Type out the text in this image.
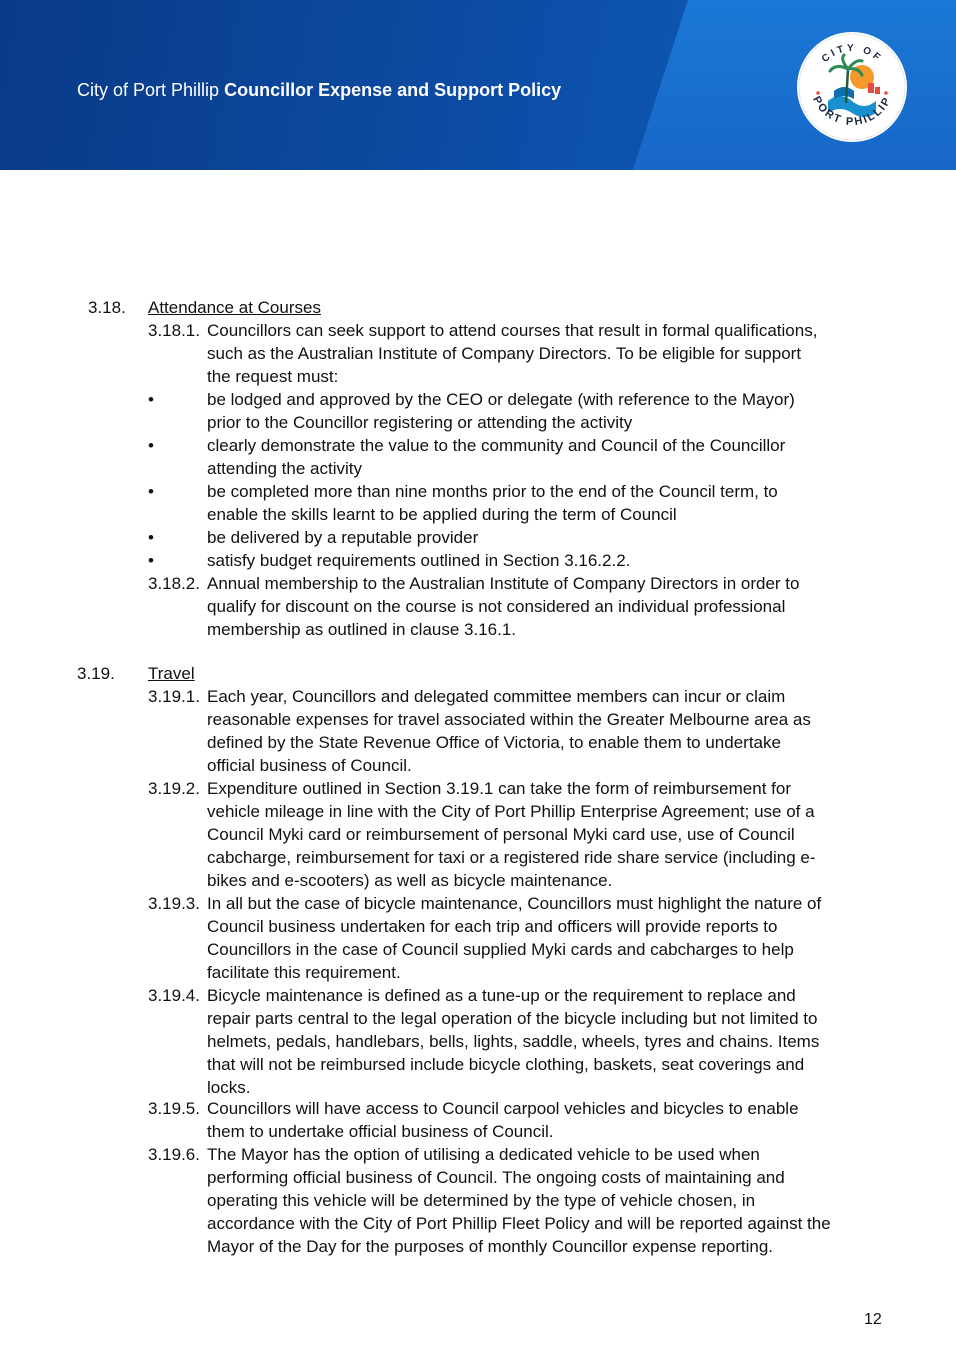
City of Port Phillip Councillor Expense and Support Policy
CITY OF
PORT PHILLIP
3.18. Attendance at Courses
3.18.1. Councillors can seek support to attend courses that result in formal qualifications,
such as the Australian Institute of Company Directors. To be eligible for support
the request must:
•	be lodged and approved by the CEO or delegate (with reference to the Mayor)
prior to the Councillor registering or attending the activity
•	clearly demonstrate the value to the community and Council of the Councillor
attending the activity
•	be completed more than nine months prior to the end of the Council term, to
enable the skills learnt to be applied during the term of Council
•	be delivered by a reputable provider
•	satisfy budget requirements outlined in Section 3.16.2.2.
3.18.2. Annual membership to the Australian Institute of Company Directors in order to
qualify for discount on the course is not considered an individual professional
membership as outlined in clause 3.16.1.
3.19. Travel
3.19.1. Each year, Councillors and delegated committee members can incur or claim
reasonable expenses for travel associated within the Greater Melbourne area as
defined by the State Revenue Office of Victoria, to enable them to undertake
official business of Council.
3.19.2. Expenditure outlined in Section 3.19.1 can take the form of reimbursement for
vehicle mileage in line with the City of Port Phillip Enterprise Agreement; use of a
Council Myki card or reimbursement of personal Myki card use, use of Council
cabcharge, reimbursement for taxi or a registered ride share service (including e-
bikes and e-scooters) as well as bicycle maintenance.
3.19.3. In all but the case of bicycle maintenance, Councillors must highlight the nature of
Council business undertaken for each trip and officers will provide reports to
Councillors in the case of Council supplied Myki cards and cabcharges to help
facilitate this requirement.
3.19.4. Bicycle maintenance is defined as a tune-up or the requirement to replace and
repair parts central to the legal operation of the bicycle including but not limited to
helmets, pedals, handlebars, bells, lights, saddle, wheels, tyres and chains. Items
that will not be reimbursed include bicycle clothing, baskets, seat coverings and
locks.
3.19.5. Councillors will have access to Council carpool vehicles and bicycles to enable
them to undertake official business of Council.
3.19.6. The Mayor has the option of utilising a dedicated vehicle to be used when
performing official business of Council. The ongoing costs of maintaining and
operating this vehicle will be determined by the type of vehicle chosen, in
accordance with the City of Port Phillip Fleet Policy and will be reported against the
Mayor of the Day for the purposes of monthly Councillor expense reporting.
12
